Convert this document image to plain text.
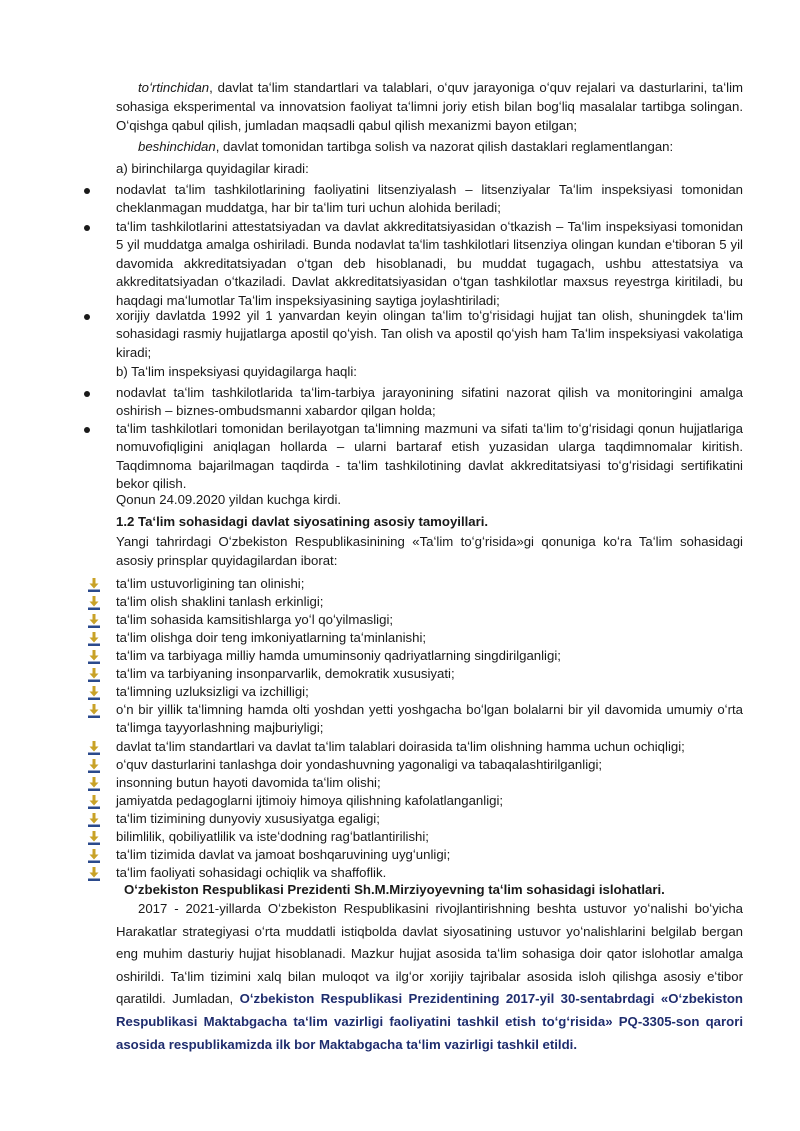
toʻrtinchidan, davlat taʻlim standartlari va talablari, oʻquv jarayoniga oʻquv rejalari va dasturlarini, taʻlim sohasiga eksperimental va innovatsion faoliyat taʻlimni joriy etish bilan bogʻliq masalalar tartibga solingan. Oʻqishga qabul qilish, jumladan maqsadli qabul qilish mexanizmi bayon etilgan;

beshinchidan, davlat tomonidan tartibga solish va nazorat qilish dastaklari reglamentlangan:

a) birinchilarga quyidagilar kiradi:

nodavlat taʻlim tashkilotlarining faoliyatini litsenziyalash – litsenziyalar Taʻlim inspeksiyasi tomonidan cheklanmagan muddatga, har bir taʻlim turi uchun alohida beriladi;
taʻlim tashkilotlarini attestatsiyadan va davlat akkreditatsiyasidan oʻtkazish – Taʻlim inspeksiyasi tomonidan 5 yil muddatga amalga oshiriladi. Bunda nodavlat taʻlim tashkilotlari litsenziya olingan kundan eʻtiboran 5 yil davomida akkreditatsiyadan oʻtgan deb hisoblanadi, bu muddat tugagach, ushbu attestatsiya va akkreditatsiyadan oʻtkaziladi. Davlat akkreditatsiyasidan oʻtgan tashkilotlar maxsus reyestrga kiritiladi, bu haqdagi maʻlumotlar Taʻlim inspeksiyasining saytiga joylashtiriladi;
xorijiy davlatda 1992 yil 1 yanvardan keyin olingan taʻlim toʻgʻrisidagi hujjat tan olish, shuningdek taʻlim sohasidagi rasmiy hujjatlarga apostil qoʻyish. Tan olish va apostil qoʻyish ham Taʻlim inspeksiyasi vakolatiga kiradi;

b) Taʻlim inspeksiyasi quyidagilarga haqli:

nodavlat taʻlim tashkilotlarida taʻlim-tarbiya jarayonining sifatini nazorat qilish va monitoringini amalga oshirish – biznes-ombudsmanni xabardor qilgan holda;
taʻlim tashkilotlari tomonidan berilayotgan taʻlimning mazmuni va sifati taʻlim toʻgʻrisidagi qonun hujjatlariga nomuvofiqligini aniqlagan hollarda – ularni bartaraf etish yuzasidan ularga taqdimnomalar kiritish. Taqdimnoma bajarilmagan taqdirda - taʻlim tashkilotining davlat akkreditatsiyasi toʻgʻrisidagi sertifikatini bekor qilish.

Qonun 24.09.2020 yildan kuchga kirdi.

1.2 Taʻlim sohasidagi davlat siyosatining asosiy tamoyillari.

Yangi tahrirdagi Oʻzbekiston Respublikasinining «Taʻlim toʻgʻrisida»gi qonuniga koʻra Taʻlim sohasidagi asosiy prinsplar quyidagilardan iborat:

taʻlim ustuvorligining tan olinishi;
taʻlim olish shaklini tanlash erkinligi;
taʻlim sohasida kamsitishlarga yoʻl qoʻyilmasligi;
taʻlim olishga doir teng imkoniyatlarning taʻminlanishi;
taʻlim va tarbiyaga milliy hamda umuminsoniy qadriyatlarning singdirilganligi;
taʻlim va tarbiyaning insonparvarlik, demokratik xususiyati;
taʻlimning uzluksizligi va izchilligi;
oʻn bir yillik taʻlimning hamda olti yoshdan yetti yoshgacha boʻlgan bolalarni bir yil davomida umumiy oʻrta taʻlimga tayyorlashning majburiyligi;
davlat taʻlim standartlari va davlat taʻlim talablari doirasida taʻlim olishning hamma uchun ochiqligi;
oʻquv dasturlarini tanlashga doir yondashuvning yagonaligi va tabaqalashtirilganligi;
insonning butun hayoti davomida taʻlim olishi;
jamiyatda pedagoglarni ijtimoiy himoya qilishning kafolatlanganligi;
taʻlim tizimining dunyoviy xususiyatga egaligi;
bilimlilik, qobiliyatlilik va isteʻdodning ragʻbatlantirilishi;
taʻlim tizimida davlat va jamoat boshqaruvining uygʻunligi;
taʻlim faoliyati sohasidagi ochiqlik va shaffoflik.

Oʻzbekiston Respublikasi Prezidenti Sh.M.Mirziyoyevning taʻlim sohasidagi islohatlari.

2017 - 2021-yillarda Oʻzbekiston Respublikasini rivojlantirishning beshta ustuvor yoʻnalishi boʻyicha Harakatlar strategiyasi oʻrta muddatli istiqbolda davlat siyosatining ustuvor yoʻnalishlarini belgilab bergan eng muhim dasturiy hujjat hisoblanadi. Mazkur hujjat asosida taʻlim sohasiga doir qator islohotlar amalga oshirildi. Taʻlim tizimini xalq bilan muloqot va ilgʻor xorijiy tajribalar asosida isloh qilishga asosiy eʻtibor qaratildi. Jumladan, Oʻzbekiston Respublikasi Prezidentining 2017-yil 30-sentabrdagi «Oʻzbekiston Respublikasi Maktabgacha taʻlim vazirligi faoliyatini tashkil etish toʻgʻrisida» PQ-3305-son qarori asosida respublikamizda ilk bor Maktabgacha taʻlim vazirligi tashkil etildi.
